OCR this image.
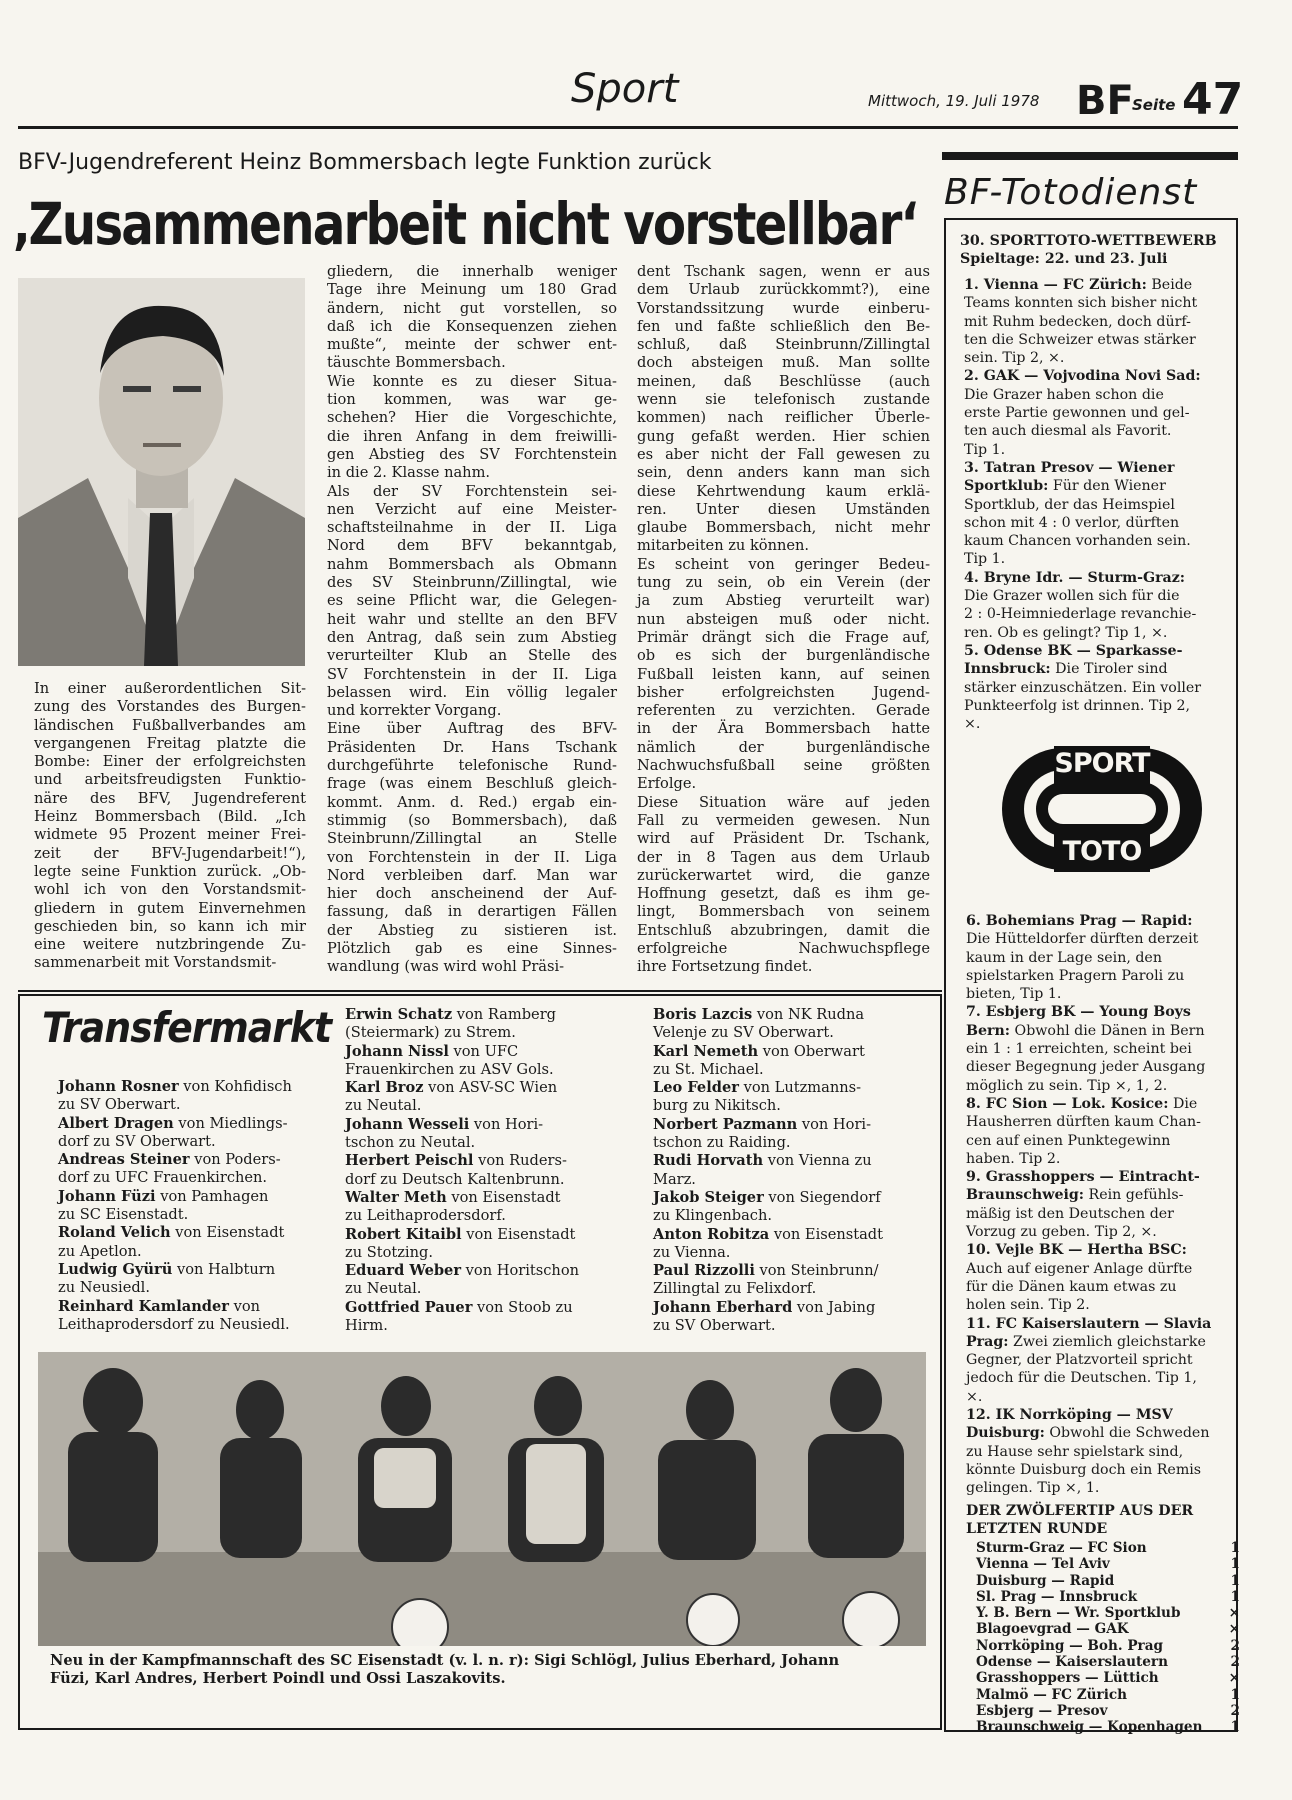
Sport	Mittwoch, 19. Juli 1978 BF
Seite 47
BFV-Jugendreferent Heinz Bommersbach legte Funktion zurück
‚Zusammenarbeit nicht vorstellbar‘
In einer außerordentlichen Sit-
zung des Vorstandes des Burgen-
ländischen Fußballverbandes am
vergangenen Freitag platzte die
Bombe: Einer der erfolgreichsten
und arbeitsfreudigsten Funktio-
näre des BFV, Jugendreferent
Heinz Bommersbach (Bild. „Ich
widmete 95 Prozent meiner Frei-
zeit der BFV-Jugendarbeit!“),
legte seine Funktion zurück. „Ob-
wohl ich von den Vorstandsmit-
gliedern in gutem Einvernehmen
geschieden bin, so kann ich mir
eine weitere nutzbringende Zu-
sammenarbeit mit Vorstandsmit-
gliedern, die innerhalb weniger
Tage ihre Meinung um 180 Grad
ändern, nicht gut vorstellen, so
daß ich die Konsequenzen ziehen
mußte“, meinte der schwer ent-
täuschte Bommersbach.
Wie konnte es zu dieser Situa-
tion kommen, was war ge-
schehen? Hier die Vorgeschichte,
die ihren Anfang in dem freiwilli-
gen Abstieg des SV Forchtenstein
in die 2. Klasse nahm.
Als der SV Forchtenstein sei-
nen Verzicht auf eine Meister-
schaftsteilnahme in der II. Liga
Nord dem BFV bekanntgab,
nahm Bommersbach als Obmann
des SV Steinbrunn/Zillingtal, wie
es seine Pflicht war, die Gelegen-
heit wahr und stellte an den BFV
den Antrag, daß sein zum Abstieg
verurteilter Klub an Stelle des
SV Forchtenstein in der II. Liga
belassen wird. Ein völlig legaler
und korrekter Vorgang.
Eine über Auftrag des BFV-
Präsidenten Dr. Hans Tschank
durchgeführte telefonische Rund-
frage (was einem Beschluß gleich-
kommt. Anm. d. Red.) ergab ein-
stimmig (so Bommersbach), daß
Steinbrunn/Zillingtal an Stelle
von Forchtenstein in der II. Liga
Nord verbleiben darf. Man war
hier doch anscheinend der Auf-
fassung, daß in derartigen Fällen
der Abstieg zu sistieren ist.
Plötzlich gab es eine Sinnes-
wandlung (was wird wohl Präsi-
dent Tschank sagen, wenn er aus
dem Urlaub zurückkommt?), eine
Vorstandssitzung wurde einberu-
fen und faßte schließlich den Be-
schluß, daß Steinbrunn/Zillingtal
doch absteigen muß. Man sollte
meinen, daß Beschlüsse (auch
wenn sie telefonisch zustande
kommen) nach reiflicher Überle-
gung gefaßt werden. Hier schien
es aber nicht der Fall gewesen zu
sein, denn anders kann man sich
diese Kehrtwendung kaum erklä-
ren. Unter diesen Umständen
glaube Bommersbach, nicht mehr
mitarbeiten zu können.
Es scheint von geringer Bedeu-
tung zu sein, ob ein Verein (der
ja zum Abstieg verurteilt war)
nun absteigen muß oder nicht.
Primär drängt sich die Frage auf,
ob es sich der burgenländische
Fußball leisten kann, auf seinen
bisher erfolgreichsten Jugend-
referenten zu verzichten. Gerade
in der Ära Bommersbach hatte
nämlich der burgenländische
Nachwuchsfußball seine größten
Erfolge.
Diese Situation wäre auf jeden
Fall zu vermeiden gewesen. Nun
wird auf Präsident Dr. Tschank,
der in 8 Tagen aus dem Urlaub
zurückerwartet wird, die ganze
Hoffnung gesetzt, daß es ihm ge-
lingt, Bommersbach von seinem
Entschluß abzubringen, damit die
erfolgreiche Nachwuchspflege
ihre Fortsetzung findet.
Transfermarkt
Johann Rosner von Kohfidisch
zu SV Oberwart.
Albert Dragen von Miedlings-
dorf zu SV Oberwart.
Andreas Steiner von Poders-
dorf zu UFC Frauenkirchen.
Johann Füzi von Pamhagen
zu SC Eisenstadt.
Roland Velich von Eisenstadt
zu Apetlon.
Ludwig Gyürü von Halbturn
zu Neusiedl.
Reinhard Kamlander von
Leithaprodersdorf zu Neusiedl.
Erwin Schatz von Ramberg
(Steiermark) zu Strem.
Johann Nissl von UFC
Frauenkirchen zu ASV Gols.
Karl Broz von ASV-SC Wien
zu Neutal.
Johann Wesseli von Hori-
tschon zu Neutal.
Herbert Peischl von Ruders-
dorf zu Deutsch Kaltenbrunn.
Walter Meth von Eisenstadt
zu Leithaprodersdorf.
Robert Kitaibl von Eisenstadt
zu Stotzing.
Eduard Weber von Horitschon
zu Neutal.
Gottfried Pauer von Stoob zu
Hirm.
Boris Lazcis von NK Rudna
Velenje zu SV Oberwart.
Karl Nemeth von Oberwart
zu St. Michael.
Leo Felder von Lutzmanns-
burg zu Nikitsch.
Norbert Pazmann von Hori-
tschon zu Raiding.
Rudi Horvath von Vienna zu
Marz.
Jakob Steiger von Siegendorf
zu Klingenbach.
Anton Robitza von Eisenstadt
zu Vienna.
Paul Rizzolli von Steinbrunn/
Zillingtal zu Felixdorf.
Johann Eberhard von Jabing
zu SV Oberwart.
Neu in der Kampfmannschaft des SC Eisenstadt (v. l. n. r): Sigi Schlögl, Julius Eberhard, Johann
Füzi, Karl Andres, Herbert Poindl und Ossi Laszakovits.
BF-Totodienst
30. SPORTTOTO-WETTBEWERB
Spieltage: 22. und 23. Juli
1. Vienna — FC Zürich: Beide
Teams konnten sich bisher nicht
mit Ruhm bedecken, doch dürf-
ten die Schweizer etwas stärker
sein. Tip 2, ×.
2. GAK — Vojvodina Novi Sad:
Die Grazer haben schon die
erste Partie gewonnen und gel-
ten auch diesmal als Favorit.
Tip 1.
3. Tatran Presov — Wiener
Sportklub: Für den Wiener
Sportklub, der das Heimspiel
schon mit 4 : 0 verlor, dürften
kaum Chancen vorhanden sein.
Tip 1.
4. Bryne Idr. — Sturm-Graz:
Die Grazer wollen sich für die
2 : 0-Heimniederlage revanchie-
ren. Ob es gelingt? Tip 1, ×.
5. Odense BK — Sparkasse-
Innsbruck: Die Tiroler sind
stärker einzuschätzen. Ein voller
Punkteerfolg ist drinnen. Tip 2,
×.
SPORT
TOTO
6. Bohemians Prag — Rapid:
Die Hütteldorfer dürften derzeit
kaum in der Lage sein, den
spielstarken Pragern Paroli zu
bieten, Tip 1.
7. Esbjerg BK — Young Boys
Bern: Obwohl die Dänen in Bern
ein 1 : 1 erreichten, scheint bei
dieser Begegnung jeder Ausgang
möglich zu sein. Tip ×, 1, 2.
8. FC Sion — Lok. Kosice: Die
Hausherren dürften kaum Chan-
cen auf einen Punktegewinn
haben. Tip 2.
9. Grasshoppers — Eintracht-
Braunschweig: Rein gefühls-
mäßig ist den Deutschen der
Vorzug zu geben. Tip 2, ×.
10. Vejle BK — Hertha BSC:
Auch auf eigener Anlage dürfte
für die Dänen kaum etwas zu
holen sein. Tip 2.
11. FC Kaiserslautern — Slavia
Prag: Zwei ziemlich gleichstarke
Gegner, der Platzvorteil spricht
jedoch für die Deutschen. Tip 1,
×.
12. IK Norrköping — MSV
Duisburg: Obwohl die Schweden
zu Hause sehr spielstark sind,
könnte Duisburg doch ein Remis
gelingen. Tip ×, 1.
DER ZWÖLFERTIP AUS DER
LETZTEN RUNDE
Sturm-Graz — FC Sion	1
Vienna — Tel Aviv	1
Duisburg — Rapid	1
Sl. Prag — Innsbruck	1
Y. B. Bern — Wr. Sportklub	×
Blagoevgrad — GAK	×
Norrköping — Boh. Prag	2
Odense — Kaiserslautern	2
Grasshoppers — Lüttich	×
Malmö — FC Zürich	1
Esbjerg — Presov	2
Braunschweig — Kopenhagen 1
